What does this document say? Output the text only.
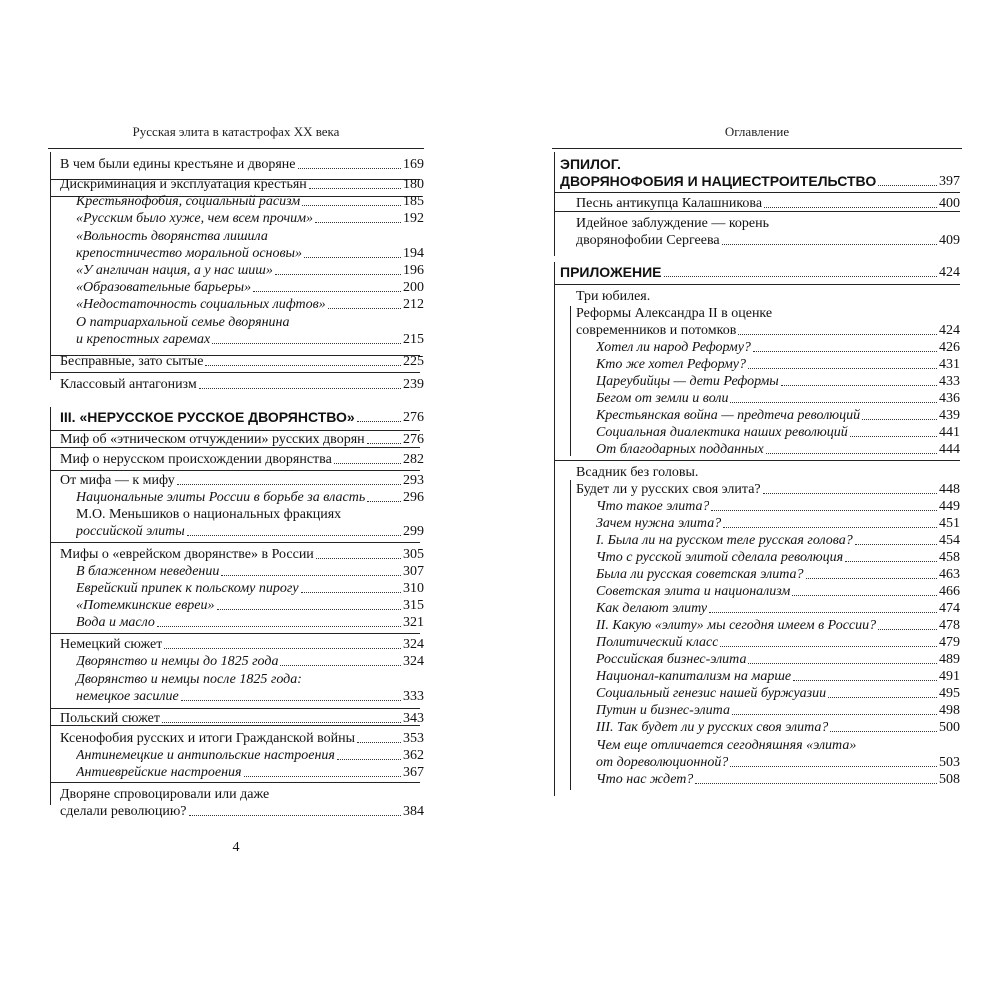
Русская элита в катастрофах XX века
В чем были едины крестьяне и дворяне	169
Дискриминация и эксплуатация крестьян	180
Крестьянофобия, социальный расизм	185
«Русским было хуже, чем всем прочим»	192
«Вольность дворянства лишила
крепостничество моральной основы»	194
«У англичан нация, а у нас шиш»	196
«Образовательные барьеры»	200
«Недостаточность социальных лифтов»	212
О патриархальной семье дворянина
и крепостных гаремах	215
Бесправные, зато сытые	225
Классовый антагонизм	239
III. «НЕРУССКОЕ РУССКОЕ ДВОРЯНСТВО»	276
Миф об «этническом отчуждении» русских дворян	276
Миф о нерусском происхождении дворянства	282
От мифа — к мифу	293
Национальные элиты России в борьбе за власть	296
М.О. Меньшиков о национальных фракциях
российской элиты	299
Мифы о «еврейском дворянстве» в России	305
В блаженном неведении	307
Еврейский припек к польскому пирогу	310
«Потемкинские евреи»	315
Вода и масло	321
Немецкий сюжет	324
Дворянство и немцы до 1825 года	324
Дворянство и немцы после 1825 года:
немецкое засилие	333
Польский сюжет	343
Ксенофобия русских и итоги Гражданской войны	353
Антинемецкие и антипольские настроения	362
Антиеврейские настроения	367
Дворяне спровоцировали или даже
сделали революцию?	384
4
Оглавление
ЭПИЛОГ.
ДВОРЯНОФОБИЯ И НАЦИЕСТРОИТЕЛЬСТВО	397
Песнь антикупца Калашникова	400
Идейное заблуждение — корень
дворянофобии Сергеева	409
ПРИЛОЖЕНИЕ	424
Три юбилея.
Реформы Александра II в оценке
современников и потомков	424
Хотел ли народ Реформу?	426
Кто же хотел Реформу?	431
Цареубийцы — дети Реформы	433
Бегом от земли и воли	436
Крестьянская война — предтеча революций	439
Социальная диалектика наших революций	441
От благодарных подданных	444
Всадник без головы.
Будет ли у русских своя элита?	448
Что такое элита?	449
Зачем нужна элита?	451
I. Была ли на русском теле русская голова?	454
Что с русской элитой сделала революция	458
Была ли русская советская элита?	463
Советская элита и национализм	466
Как делают элиту	474
II. Какую «элиту» мы сегодня имеем в России?	478
Политический класс	479
Российская бизнес-элита	489
Национал-капитализм на марше	491
Социальный генезис нашей буржуазии	495
Путин и бизнес-элита	498
III. Так будет ли у русских своя элита?	500
Чем еще отличается сегодняшняя «элита»
от дореволюционной?	503
Что нас ждет?	508
